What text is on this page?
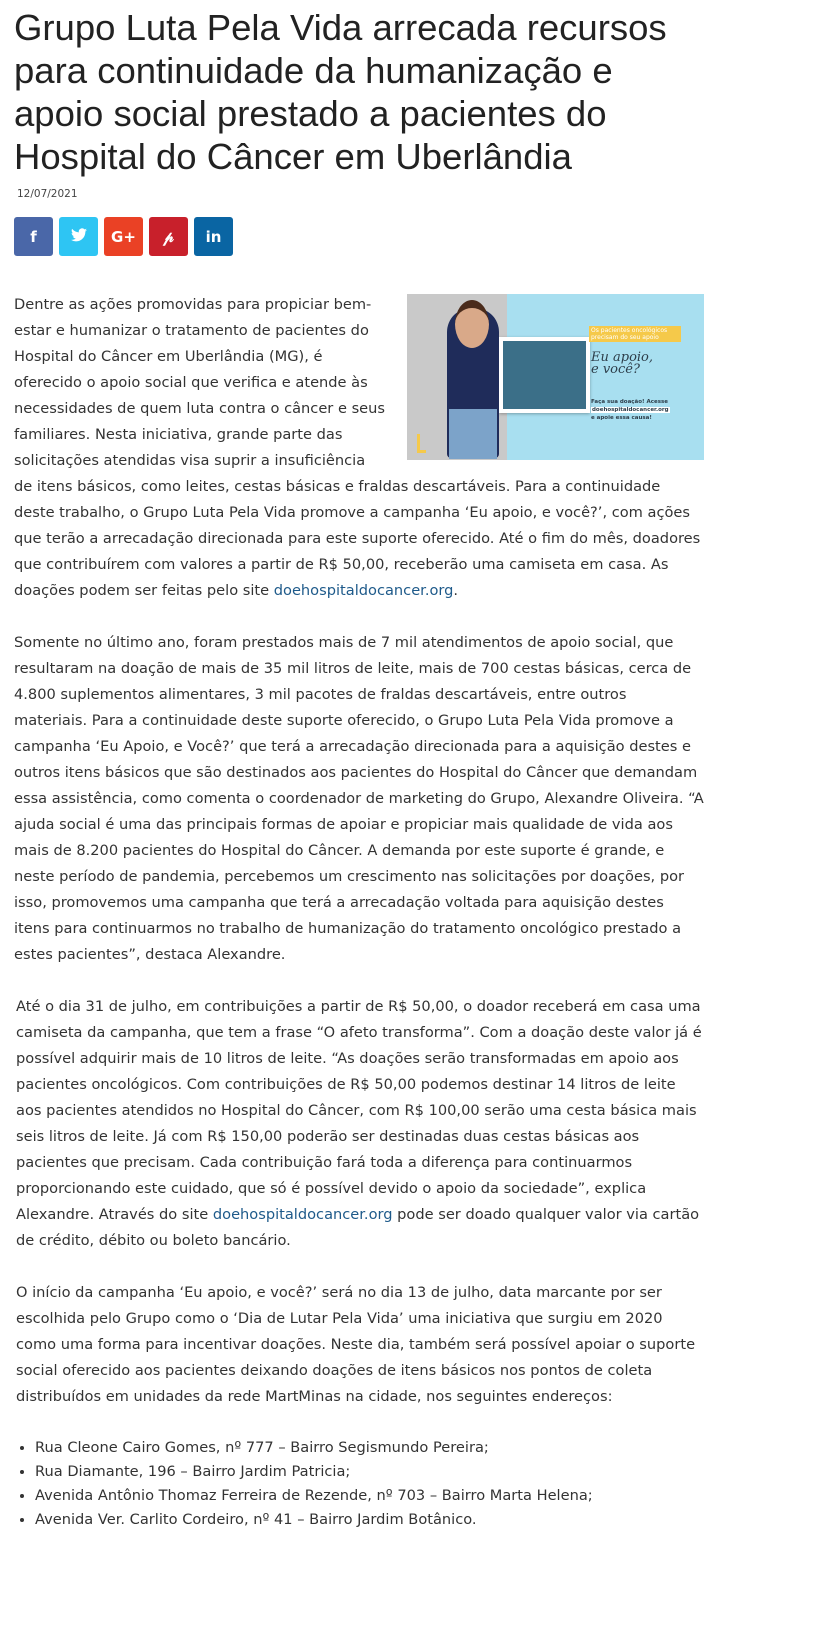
Grupo Luta Pela Vida arrecada recursos para continuidade da humanização e apoio social prestado a pacientes do Hospital do Câncer em Uberlândia
12/07/2021
f	G+ 𝓅 in
Os pacientes oncológicos precisam do seu apoio
Eu apoio,
e você?
Faça sua doação! Acesse
doehospitaldocancer.org
e apoie essa causa!

Dentre as ações promovidas para propiciar bem-estar e humanizar o tratamento de pacientes do Hospital do Câncer em Uberlândia (MG), é oferecido o apoio social que verifica e atende às necessidades de quem luta contra o câncer e seus familiares. Nesta iniciativa, grande parte das solicitações atendidas visa suprir a insuficiência de itens básicos, como leites, cestas básicas e fraldas descartáveis. Para a continuidade deste trabalho, o Grupo Luta Pela Vida promove a campanha ‘Eu apoio, e você?’, com ações que terão a arrecadação direcionada para este suporte oferecido. Até o fim do mês, doadores que contribuírem com valores a partir de R$ 50,00, receberão uma camiseta em casa. As doações podem ser feitas pelo site doehospitaldocancer.org.

Somente no último ano, foram prestados mais de 7 mil atendimentos de apoio social, que resultaram na doação de mais de 35 mil litros de leite, mais de 700 cestas básicas, cerca de 4.800 suplementos alimentares, 3 mil pacotes de fraldas descartáveis, entre outros materiais. Para a continuidade deste suporte oferecido, o Grupo Luta Pela Vida promove a campanha ‘Eu Apoio, e Você?’ que terá a arrecadação direcionada para a aquisição destes e outros itens básicos que são destinados aos pacientes do Hospital do Câncer que demandam essa assistência, como comenta o coordenador de marketing do Grupo, Alexandre Oliveira. “A ajuda social é uma das principais formas de apoiar e propiciar mais qualidade de vida aos mais de 8.200 pacientes do Hospital do Câncer. A demanda por este suporte é grande, e neste período de pandemia, percebemos um crescimento nas solicitações por doações, por isso, promovemos uma campanha que terá a arrecadação voltada para aquisição destes itens para continuarmos no trabalho de humanização do tratamento oncológico prestado a estes pacientes”, destaca Alexandre.

Até o dia 31 de julho, em contribuições a partir de R$ 50,00, o doador receberá em casa uma camiseta da campanha, que tem a frase “O afeto transforma”. Com a doação deste valor já é possível adquirir mais de 10 litros de leite. “As doações serão transformadas em apoio aos pacientes oncológicos. Com contribuições de R$ 50,00 podemos destinar 14 litros de leite aos pacientes atendidos no Hospital do Câncer, com R$ 100,00 serão uma cesta básica mais seis litros de leite. Já com R$ 150,00 poderão ser destinadas duas cestas básicas aos pacientes que precisam. Cada contribuição fará toda a diferença para continuarmos proporcionando este cuidado, que só é possível devido o apoio da sociedade”, explica Alexandre. Através do site doehospitaldocancer.org pode ser doado qualquer valor via cartão de crédito, débito ou boleto bancário.

O início da campanha ‘Eu apoio, e você?’ será no dia 13 de julho, data marcante por ser escolhida pelo Grupo como o ‘Dia de Lutar Pela Vida’ uma iniciativa que surgiu em 2020 como uma forma para incentivar doações. Neste dia, também será possível apoiar o suporte social oferecido aos pacientes deixando doações de itens básicos nos pontos de coleta distribuídos em unidades da rede MartMinas na cidade, nos seguintes endereços:

• Rua Cleone Cairo Gomes, nº 777 – Bairro Segismundo Pereira;
• Rua Diamante, 196 – Bairro Jardim Patricia;
• Avenida Antônio Thomaz Ferreira de Rezende, nº 703 – Bairro Marta Helena;
• Avenida Ver. Carlito Cordeiro, nº 41 – Bairro Jardim Botânico.
